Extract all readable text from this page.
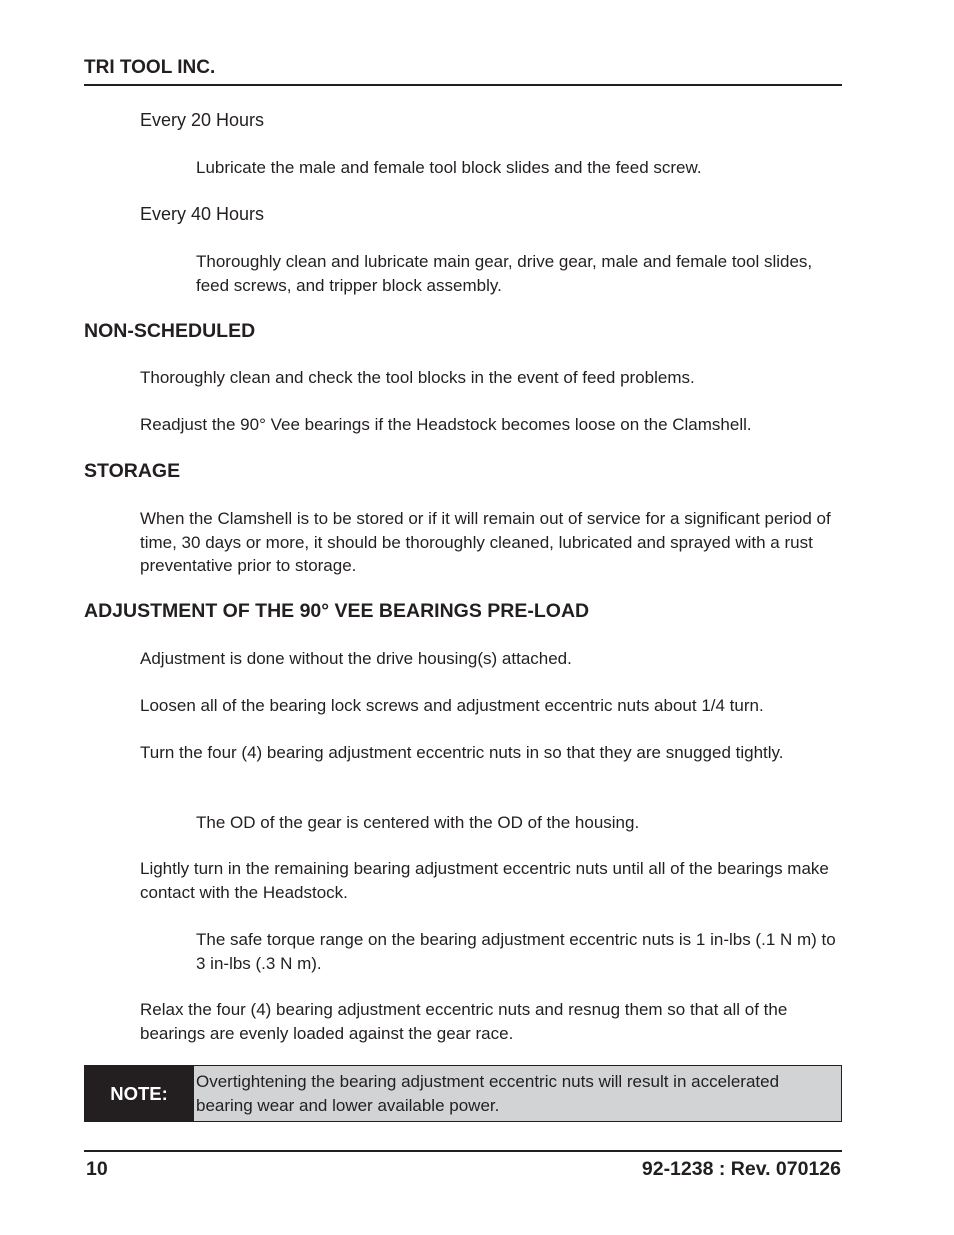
TRI TOOL INC.
Every 20 Hours
Lubricate the male and female tool block slides and the feed screw.
Every 40 Hours
Thoroughly clean and lubricate main gear, drive gear, male and female tool slides, feed screws, and tripper block assembly.
NON-SCHEDULED
Thoroughly clean and check the tool blocks in the event of feed problems.
Readjust the 90° Vee bearings if the Headstock becomes loose on the Clamshell.
STORAGE
When the Clamshell is to be stored or if it will remain out of service for a significant period of time, 30 days or more, it should be thoroughly cleaned, lubricated and sprayed with a rust preventative prior to storage.
ADJUSTMENT OF THE 90° VEE BEARINGS PRE-LOAD
Adjustment is done without the drive housing(s) attached.
Loosen all of the bearing lock screws and adjustment eccentric nuts about 1/4 turn.
Turn the four (4) bearing adjustment eccentric nuts in so that they are snugged tightly.
The OD of the gear is centered with the OD of the housing.
Lightly turn in the remaining bearing adjustment eccentric nuts until all of the bearings make contact with the Headstock.
The safe torque range on the bearing adjustment eccentric nuts is 1 in-lbs (.1 N m) to 3 in-lbs (.3 N m).
Relax the four (4) bearing adjustment eccentric nuts and resnug them so that all of the bearings are evenly loaded against the gear race.
NOTE:
Overtightening the bearing adjustment eccentric nuts will result in accelerated bearing wear and lower available power.
10	92-1238 : Rev. 070126
